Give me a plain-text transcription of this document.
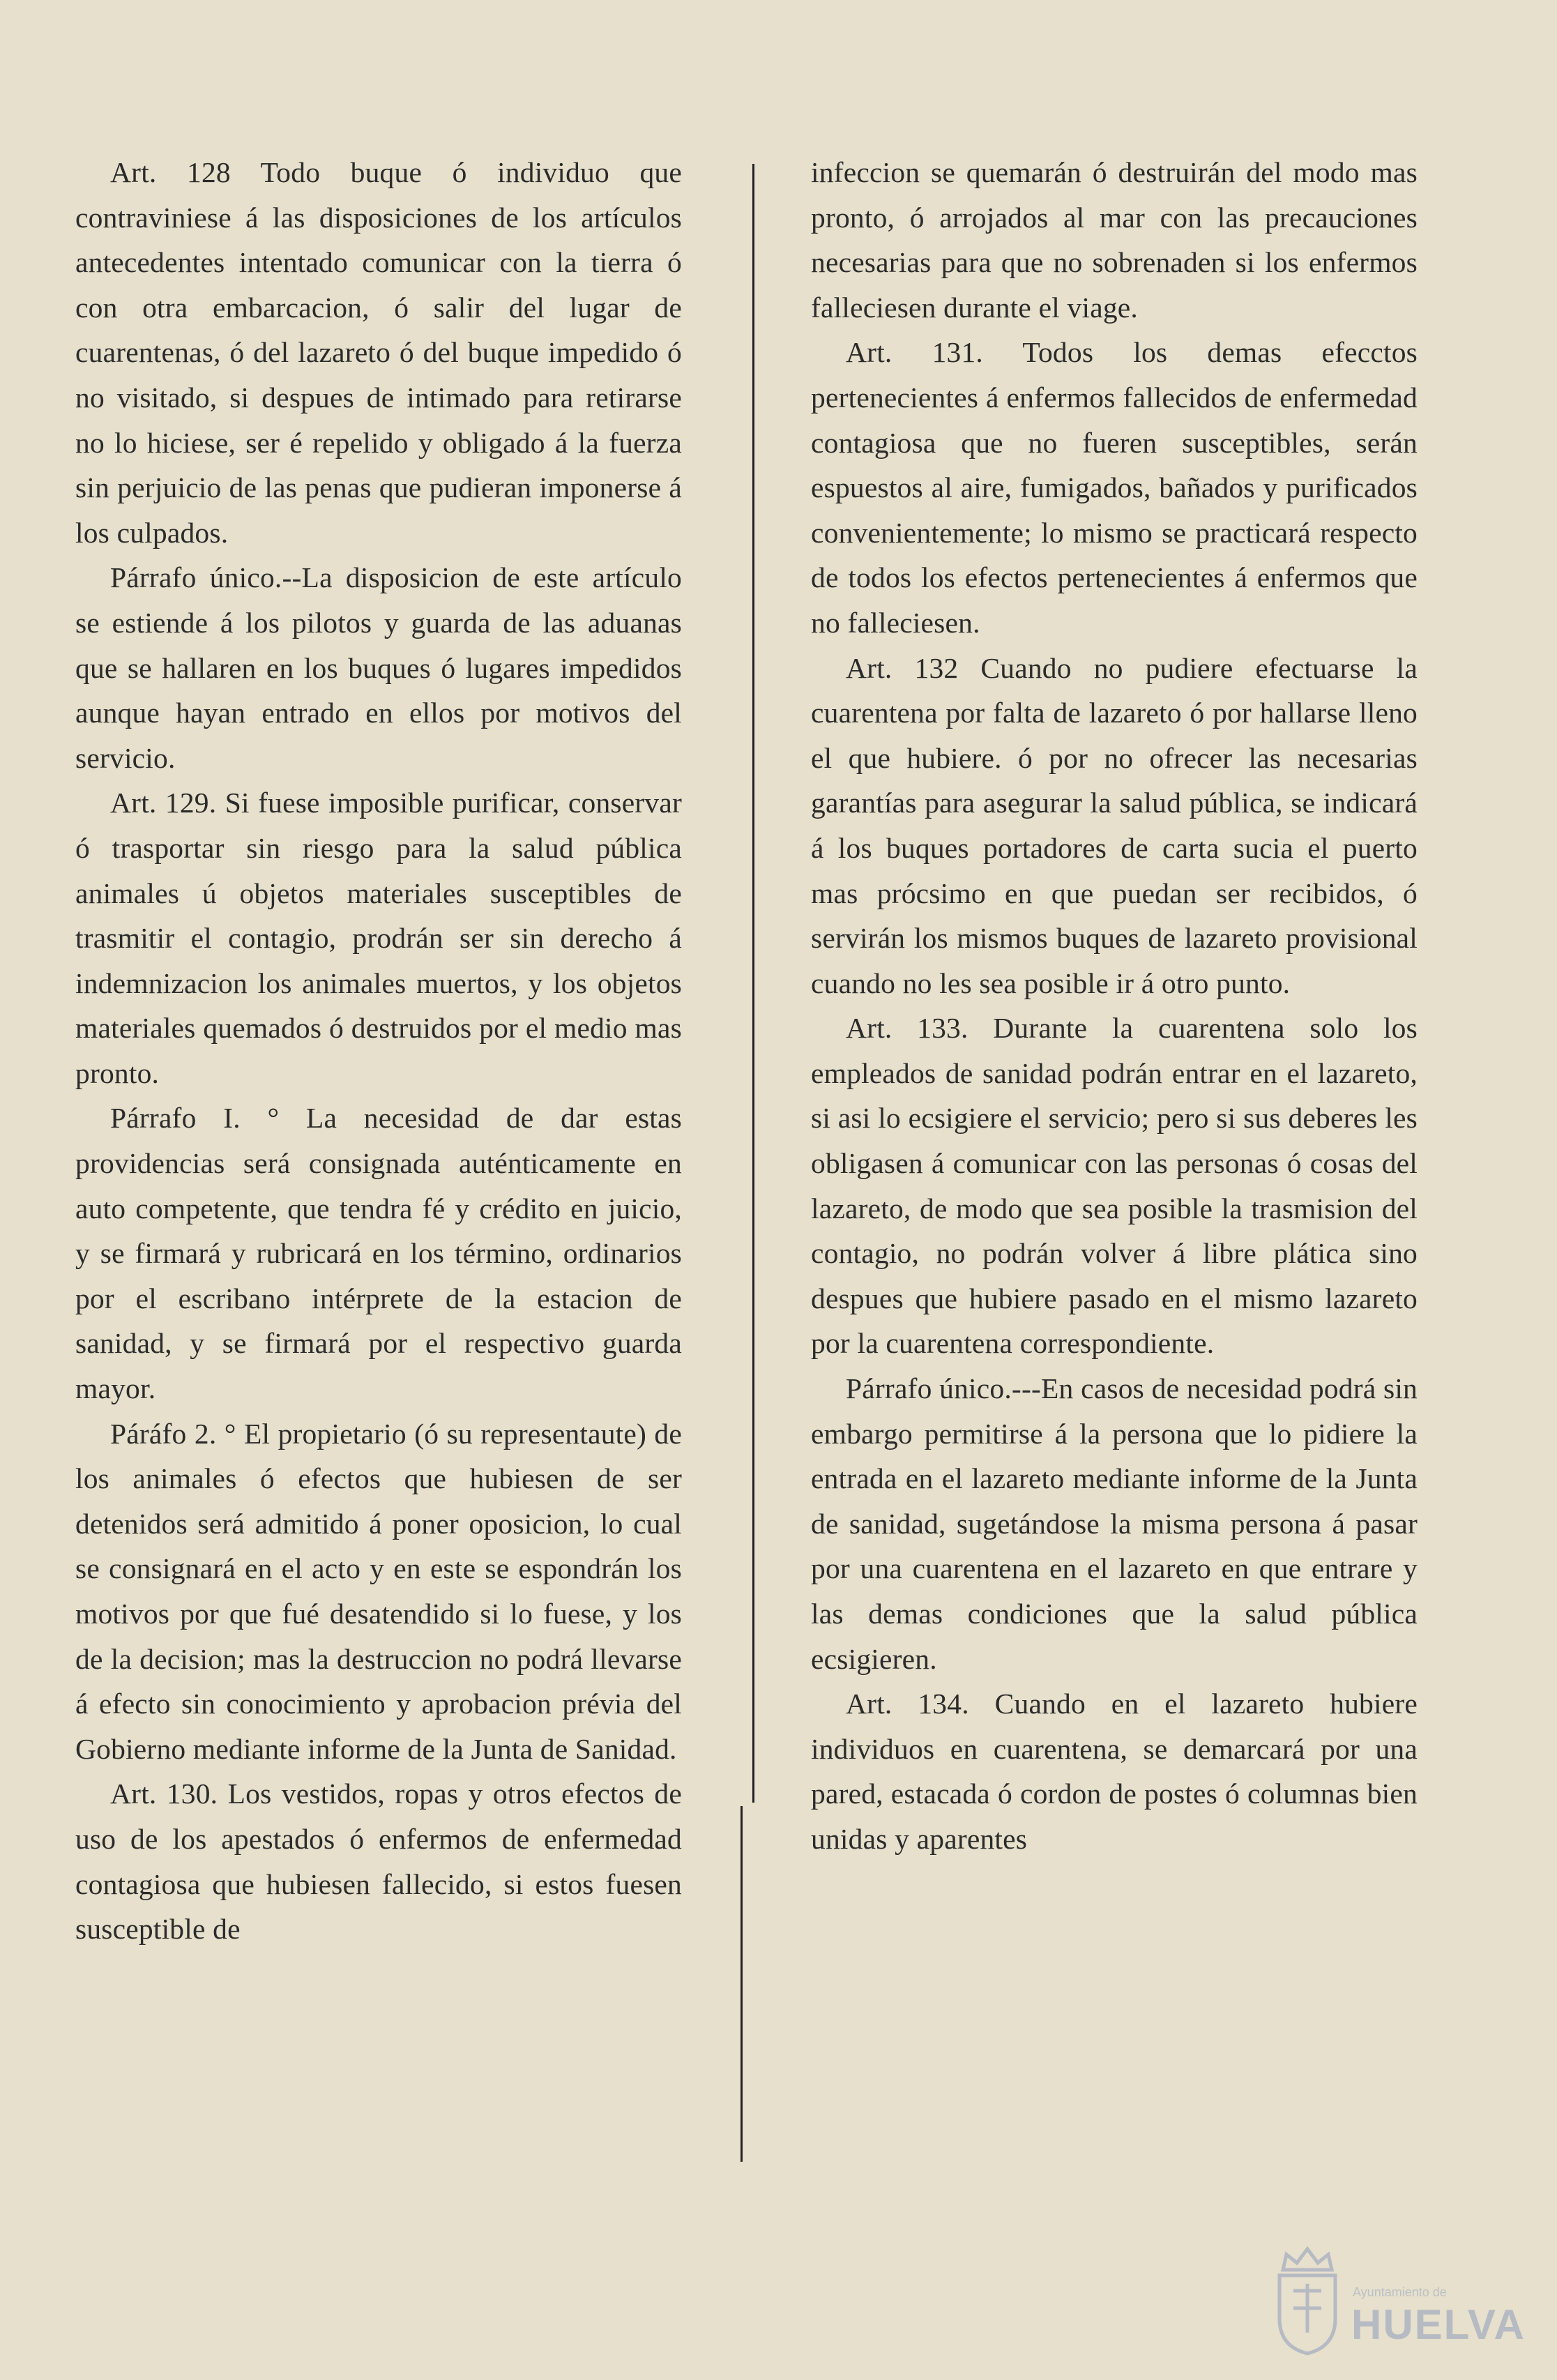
Art. 128 Todo buque ó individuo que contraviniese á las disposiciones de los artículos antecedentes intentado comunicar con la tierra ó con otra embarcacion, ó salir del lugar de cuarentenas, ó del lazareto ó del buque impedido ó no visitado, si despues de intimado para retirarse no lo hiciese, ser é repelido y obligado á la fuerza sin perjuicio de las penas que pudieran imponerse á los culpados.

Párrafo único.--La disposicion de este artículo se estiende á los pilotos y guarda de las aduanas que se hallaren en los buques ó lugares impedidos aunque hayan entrado en ellos por motivos del servicio.

Art. 129. Si fuese imposible purificar, conservar ó trasportar sin riesgo para la salud pública animales ú objetos materiales susceptibles de trasmitir el contagio, prodrán ser sin derecho á indemnizacion los animales muertos, y los objetos materiales quemados ó destruidos por el medio mas pronto.

Párrafo I. ° La necesidad de dar estas providencias será consignada auténticamente en auto competente, que tendra fé y crédito en juicio, y se firmará y rubricará en los término, ordinarios por el escribano intérprete de la estacion de sanidad, y se firmará por el respectivo guarda mayor.

Páráfo 2. ° El propietario (ó su representaute) de los animales ó efectos que hubiesen de ser detenidos será admitido á poner oposicion, lo cual se consignará en el acto y en este se espondrán los motivos por que fué desatendido si lo fuese, y los de la decision; mas la destruccion no podrá llevarse á efecto sin conocimiento y aprobacion prévia del Gobierno mediante informe de la Junta de Sanidad.

Art. 130. Los vestidos, ropas y otros efectos de uso de los apestados ó enfermos de enfermedad contagiosa que hubiesen fallecido, si estos fuesen susceptible de

infeccion se quemarán ó destruirán del modo mas pronto, ó arrojados al mar con las precauciones necesarias para que no sobrenaden si los enfermos falleciesen durante el viage.

Art. 131. Todos los demas efecctos pertenecientes á enfermos fallecidos de enfermedad contagiosa que no fueren susceptibles, serán espuestos al aire, fumigados, bañados y purificados convenientemente; lo mismo se practicará respecto de todos los efectos pertenecientes á enfermos que no falleciesen.

Art. 132 Cuando no pudiere efectuarse la cuarentena por falta de lazareto ó por hallarse lleno el que hubiere. ó por no ofrecer las necesarias garantías para asegurar la salud pública, se indicará á los buques portadores de carta sucia el puerto mas prócsimo en que puedan ser recibidos, ó servirán los mismos buques de lazareto provisional cuando no les sea posible ir á otro punto.

Art. 133. Durante la cuarentena solo los empleados de sanidad podrán entrar en el lazareto, si asi lo ecsigiere el servicio; pero si sus deberes les obligasen á comunicar con las personas ó cosas del lazareto, de modo que sea posible la trasmision del contagio, no podrán volver á libre plática sino despues que hubiere pasado en el mismo lazareto por la cuarentena correspondiente.

Párrafo único.---En casos de necesidad podrá sin embargo permitirse á la persona que lo pidiere la entrada en el lazareto mediante informe de la Junta de sanidad, sugetándose la misma persona á pasar por una cuarentena en el lazareto en que entrare y las demas condiciones que la salud pública ecsigieren.

Art. 134. Cuando en el lazareto hubiere individuos en cuarentena, se demarcará por una pared, estacada ó cordon de postes ó columnas bien unidas y aparentes

Ayuntamiento de
HUELVA
